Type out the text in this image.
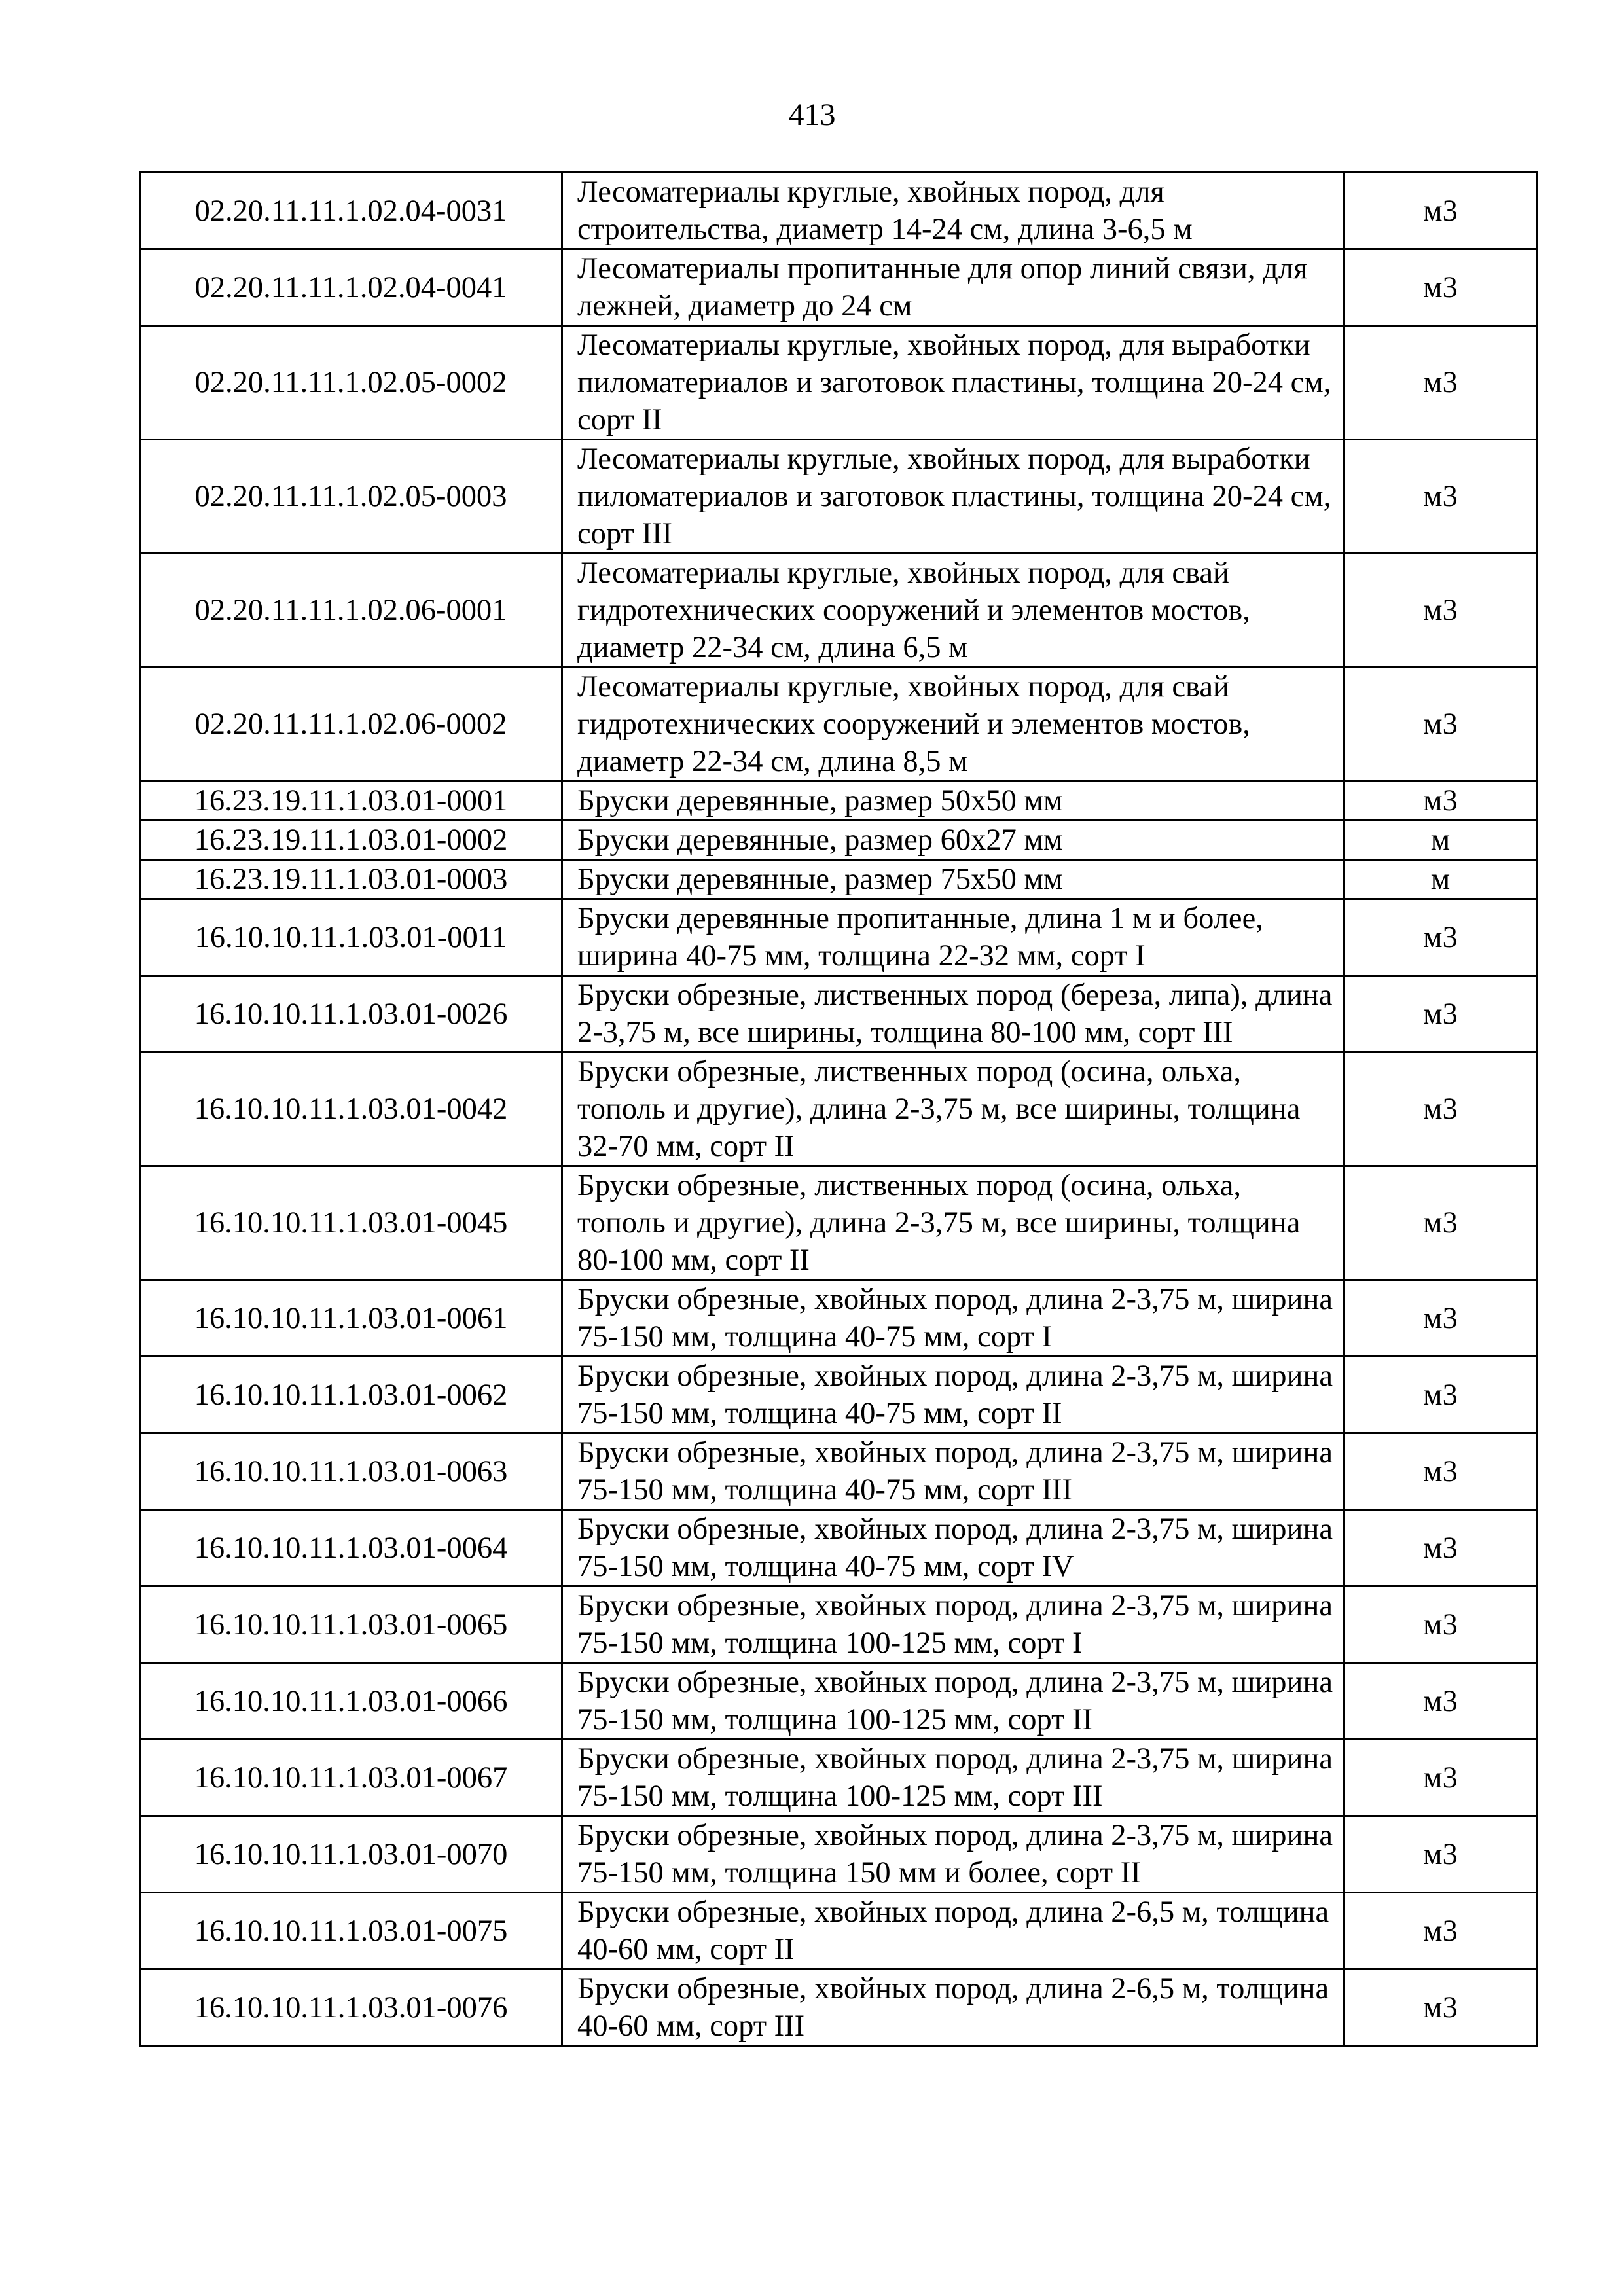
413
02.20.11.11.1.02.04-0031	Лесоматериалы круглые, хвойных пород, для строительства, диаметр 14-24 см, длина 3-6,5 м	м3
02.20.11.11.1.02.04-0041	Лесоматериалы пропитанные для опор линий связи, для лежней, диаметр до 24 см	м3
02.20.11.11.1.02.05-0002	Лесоматериалы круглые, хвойных пород, для выработки пиломатериалов и заготовок пластины, толщина 20-24 см, сорт II	м3
02.20.11.11.1.02.05-0003	Лесоматериалы круглые, хвойных пород, для выработки пиломатериалов и заготовок пластины, толщина 20-24 см, сорт III	м3
02.20.11.11.1.02.06-0001	Лесоматериалы круглые, хвойных пород, для свай гидротехнических сооружений и элементов мостов, диаметр 22-34 см, длина 6,5 м	м3
02.20.11.11.1.02.06-0002	Лесоматериалы круглые, хвойных пород, для свай гидротехнических сооружений и элементов мостов, диаметр 22-34 см, длина 8,5 м	м3
16.23.19.11.1.03.01-0001	Бруски деревянные, размер 50х50 мм	м3
16.23.19.11.1.03.01-0002	Бруски деревянные, размер 60х27 мм	м
16.23.19.11.1.03.01-0003	Бруски деревянные, размер 75х50 мм	м
16.10.10.11.1.03.01-0011	Бруски деревянные пропитанные, длина 1 м и более, ширина 40-75 мм, толщина 22-32 мм, сорт I	м3
16.10.10.11.1.03.01-0026	Бруски обрезные, лиственных пород (береза, липа), длина 2-3,75 м, все ширины, толщина 80-100 мм, сорт III	м3
16.10.10.11.1.03.01-0042	Бруски обрезные, лиственных пород (осина, ольха, тополь и другие), длина 2-3,75 м, все ширины, толщина 32-70 мм, сорт II	м3
16.10.10.11.1.03.01-0045	Бруски обрезные, лиственных пород (осина, ольха, тополь и другие), длина 2-3,75 м, все ширины, толщина 80-100 мм, сорт II	м3
16.10.10.11.1.03.01-0061	Бруски обрезные, хвойных пород, длина 2-3,75 м, ширина 75-150 мм, толщина 40-75 мм, сорт I	м3
16.10.10.11.1.03.01-0062	Бруски обрезные, хвойных пород, длина 2-3,75 м, ширина 75-150 мм, толщина 40-75 мм, сорт II	м3
16.10.10.11.1.03.01-0063	Бруски обрезные, хвойных пород, длина 2-3,75 м, ширина 75-150 мм, толщина 40-75 мм, сорт III	м3
16.10.10.11.1.03.01-0064	Бруски обрезные, хвойных пород, длина 2-3,75 м, ширина 75-150 мм, толщина 40-75 мм, сорт IV	м3
16.10.10.11.1.03.01-0065	Бруски обрезные, хвойных пород, длина 2-3,75 м, ширина 75-150 мм, толщина 100-125 мм, сорт I	м3
16.10.10.11.1.03.01-0066	Бруски обрезные, хвойных пород, длина 2-3,75 м, ширина 75-150 мм, толщина 100-125 мм, сорт II	м3
16.10.10.11.1.03.01-0067	Бруски обрезные, хвойных пород, длина 2-3,75 м, ширина 75-150 мм, толщина 100-125 мм, сорт III	м3
16.10.10.11.1.03.01-0070	Бруски обрезные, хвойных пород, длина 2-3,75 м, ширина 75-150 мм, толщина 150 мм и более, сорт II	м3
16.10.10.11.1.03.01-0075	Бруски обрезные, хвойных пород, длина 2-6,5 м, толщина 40-60 мм, сорт II	м3
16.10.10.11.1.03.01-0076	Бруски обрезные, хвойных пород, длина 2-6,5 м, толщина 40-60 мм, сорт III	м3
